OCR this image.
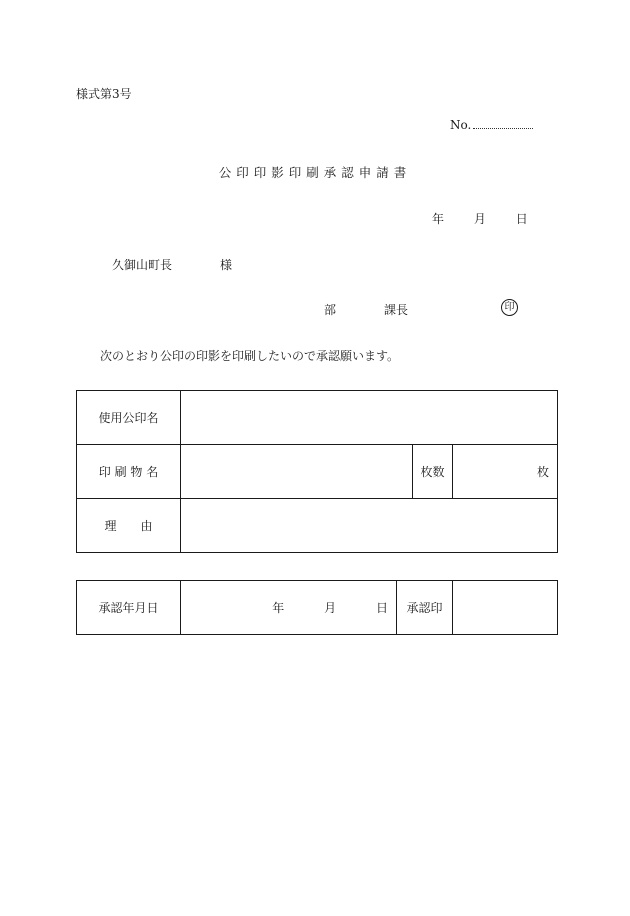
様式第3号
No.
公印印影印刷承認申請書
年 月 日
久御山町長	様
部	課長	印
次のとおり公印の印影を印刷したいので承認願います。
使用公印名			
印 刷 物 名		枚数	枚
理　　由			
承認年月日	年	月	日	承認印	
